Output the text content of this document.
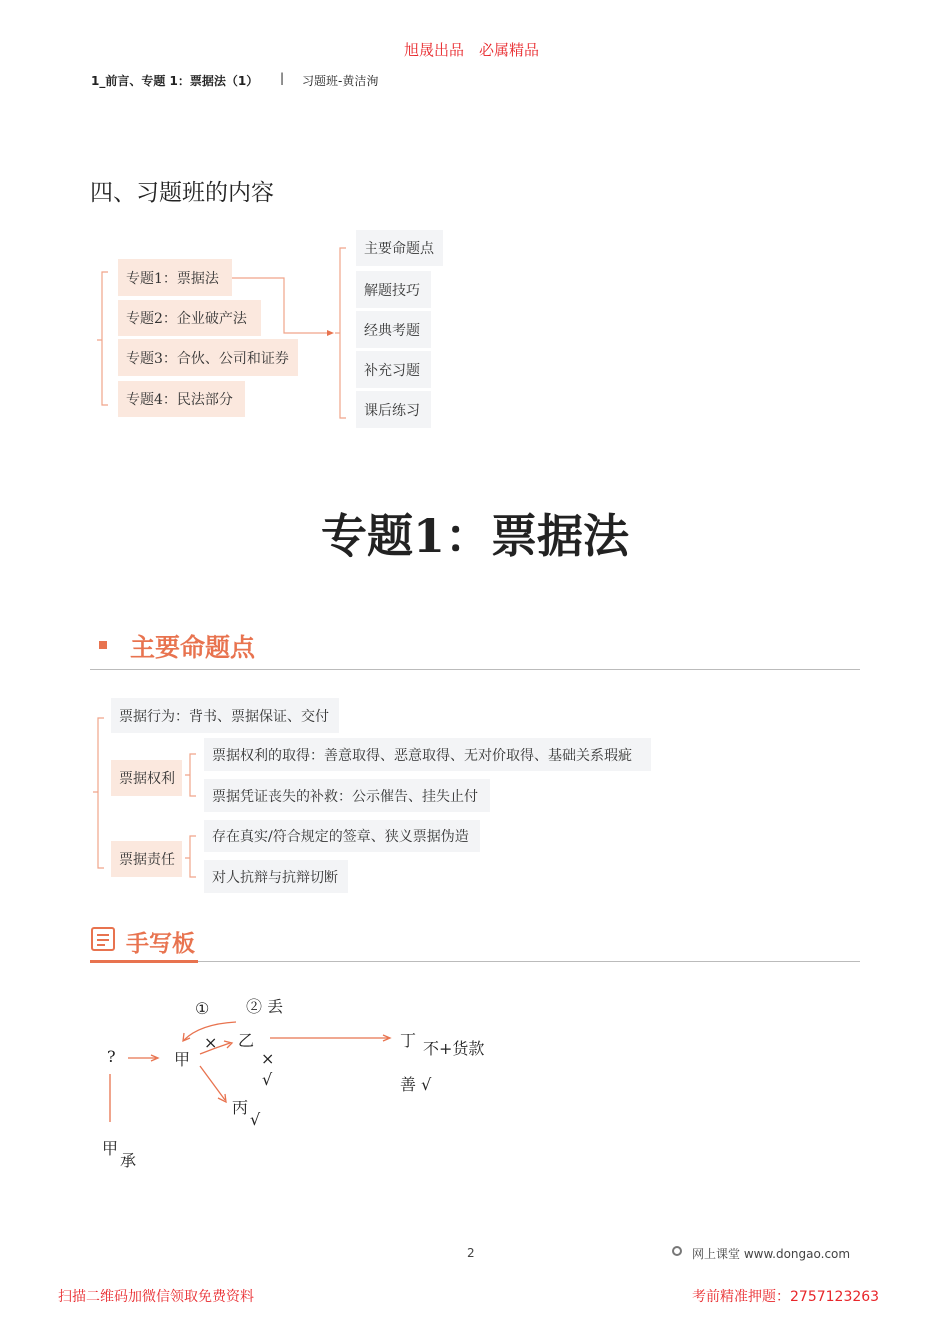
旭晟出品　必属精品
1_前言、专题 1：票据法（1） | 习题班-黄洁洵
四、习题班的内容
专题1：票据法
专题2：企业破产法
专题3：合伙、公司和证券
专题4：民法部分
主要命题点
解题技巧
经典考题
补充习题
课后练习
专题1：票据法
主要命题点
票据行为：背书、票据保证、交付
票据权利
票据权利的取得：善意取得、恶意取得、无对价取得、基础关系瑕疵
票据凭证丧失的补救：公示催告、挂失止付
票据责任
存在真实/符合规定的签章、狭义票据伪造
对人抗辩与抗辩切断
手写板
?	甲
① ② 丢
× 乙
×
√
丙
√
丁 不+货款
善 √
甲
承
2	网上课堂 www.dongao.com
扫描二维码加微信领取免费资料	考前精准押题：2757123263
